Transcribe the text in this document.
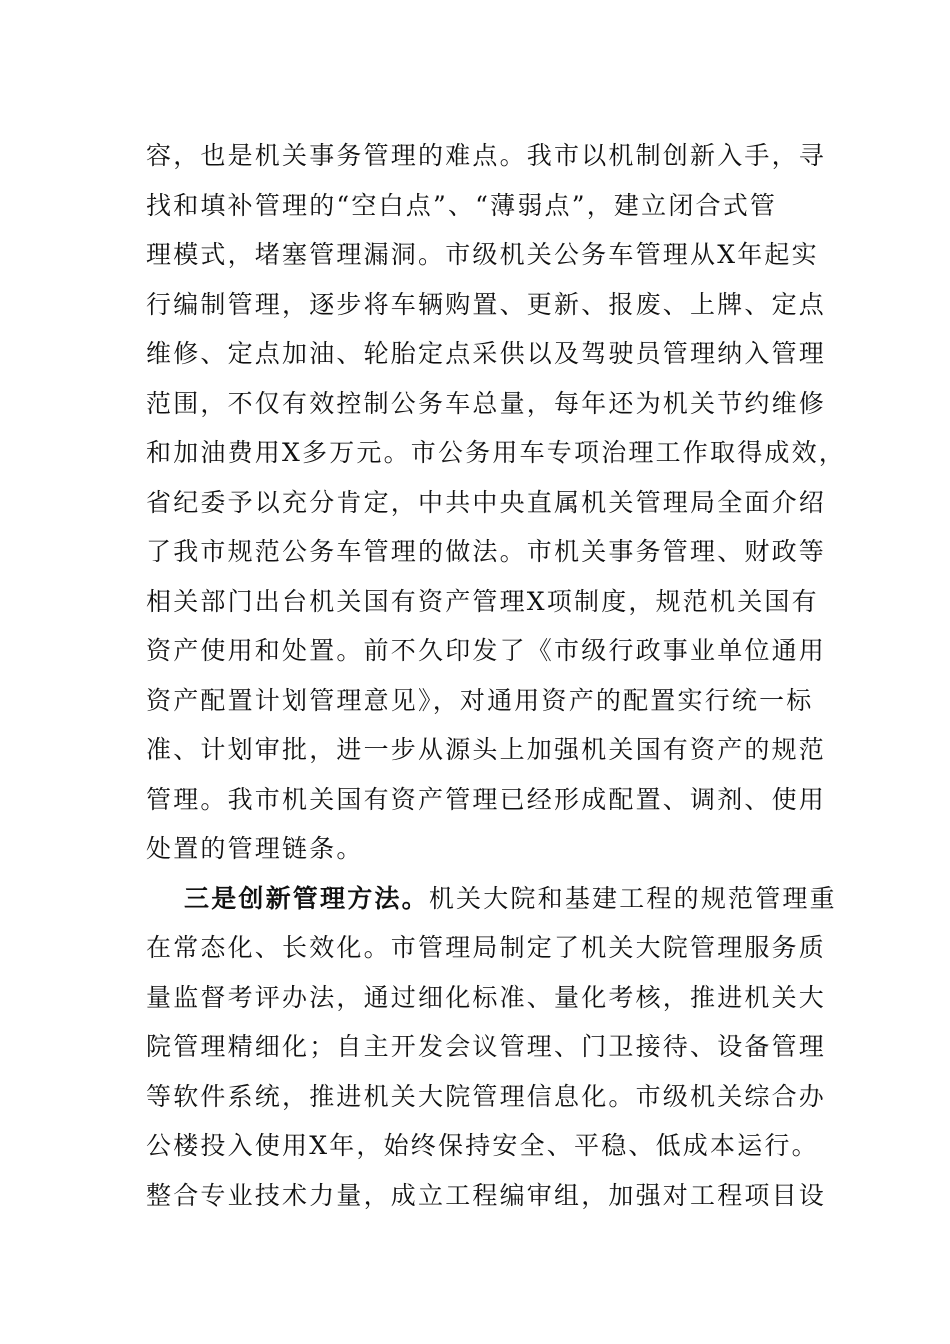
容，也是机关事务管理的难点。我市以机制创新入手，寻
找和填补管理的“空白点”、“薄弱点”，建立闭合式管
理模式，堵塞管理漏洞。市级机关公务车管理从X年起实
行编制管理，逐步将车辆购置、更新、报废、上牌、定点
维修、定点加油、轮胎定点采供以及驾驶员管理纳入管理
范围，不仅有效控制公务车总量，每年还为机关节约维修
和加油费用X多万元。市公务用车专项治理工作取得成效，
省纪委予以充分肯定，中共中央直属机关管理局全面介绍
了我市规范公务车管理的做法。市机关事务管理、财政等
相关部门出台机关国有资产管理X项制度，规范机关国有
资产使用和处置。前不久印发了《市级行政事业单位通用
资产配置计划管理意见》，对通用资产的配置实行统一标
准、计划审批，进一步从源头上加强机关国有资产的规范
管理。我市机关国有资产管理已经形成配置、调剂、使用
处置的管理链条。
三是创新管理方法。机关大院和基建工程的规范管理重
在常态化、长效化。市管理局制定了机关大院管理服务质
量监督考评办法，通过细化标准、量化考核，推进机关大
院管理精细化；自主开发会议管理、门卫接待、设备管理
等软件系统，推进机关大院管理信息化。市级机关综合办
公楼投入使用X年，始终保持安全、平稳、低成本运行。
整合专业技术力量，成立工程编审组，加强对工程项目设
